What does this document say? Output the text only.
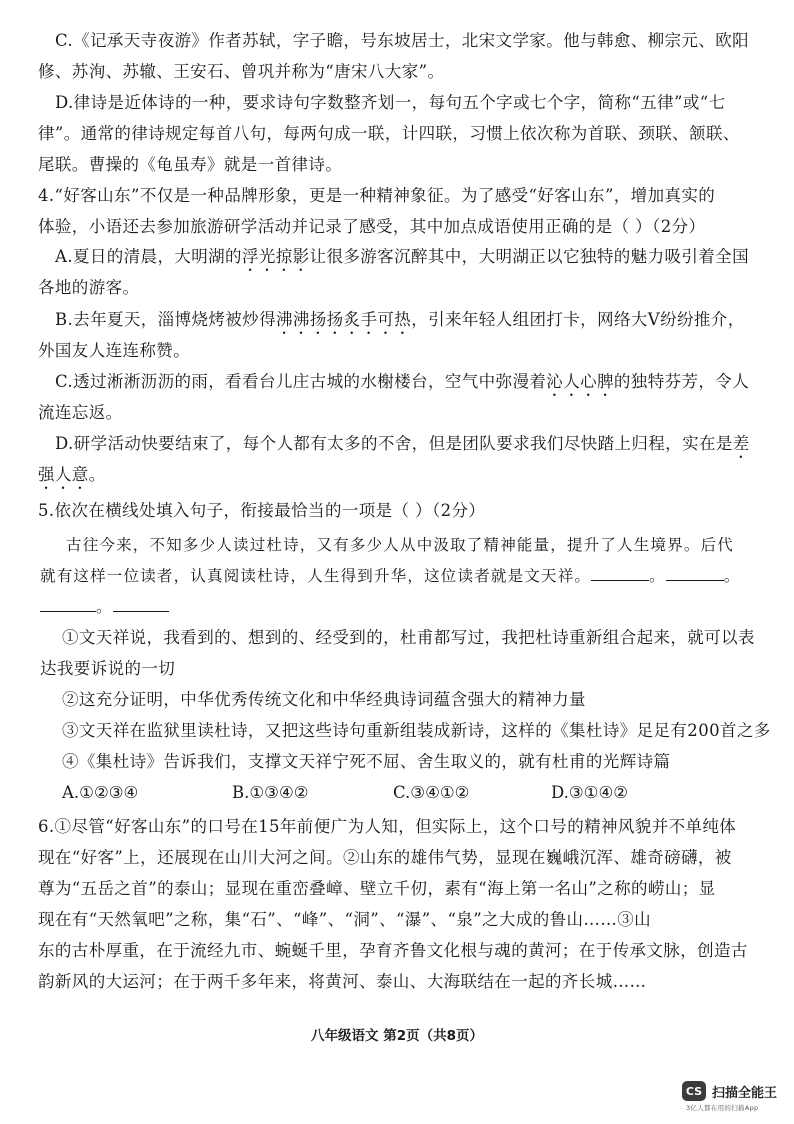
C.《记承天寺夜游》作者苏轼，字子瞻，号东坡居士，北宋文学家。他与韩愈、柳宗元、欧阳
修、苏洵、苏辙、王安石、曾巩并称为“唐宋八大家”。
D.律诗是近体诗的一种，要求诗句字数整齐划一，每句五个字或七个字，简称“五律”或“七
律”。通常的律诗规定每首八句，每两句成一联，计四联，习惯上依次称为首联、颈联、颔联、
尾联。曹操的《龟虽寿》就是一首律诗。
4.“好客山东”不仅是一种品牌形象，更是一种精神象征。为了感受“好客山东”，增加真实的
体验，小语还去参加旅游研学活动并记录了感受，其中加点成语使用正确的是（ ）（2分）
A.夏日的清晨，大明湖的浮光掠影让很多游客沉醉其中，大明湖正以它独特的魅力吸引着全国
各地的游客。
B.去年夏天，淄博烧烤被炒得沸沸扬扬炙手可热，引来年轻人组团打卡，网络大V纷纷推介，
外国友人连连称赞。
C.透过淅淅沥沥的雨，看看台儿庄古城的水榭楼台，空气中弥漫着沁人心脾的独特芬芳，令人
流连忘返。
D.研学活动快要结束了，每个人都有太多的不舍，但是团队要求我们尽快踏上归程，实在是差
强人意。
5.依次在横线处填入句子，衔接最恰当的一项是（ ）（2分）
古往今来，不知多少人读过杜诗，又有多少人从中汲取了精神能量，提升了人生境界。后代
就有这样一位读者，认真阅读杜诗，人生得到升华，这位读者就是文天祥。	。	。
。
①文天祥说，我看到的、想到的、经受到的，杜甫都写过，我把杜诗重新组合起来，就可以表
达我要诉说的一切
②这充分证明，中华优秀传统文化和中华经典诗词蕴含强大的精神力量
③文天祥在监狱里读杜诗，又把这些诗句重新组装成新诗，这样的《集杜诗》足足有200首之多
④《集杜诗》告诉我们，支撑文天祥宁死不屈、舍生取义的，就有杜甫的光辉诗篇
A.①②③④	B.①③④②	C.③④①②	D.③①④②
6.①尽管“好客山东”的口号在15年前便广为人知，但实际上，这个口号的精神风貌并不单纯体
现在“好客”上，还展现在山川大河之间。②山东的雄伟气势，显现在巍峨沉浑、雄奇磅礴，被
尊为“五岳之首”的泰山；显现在重峦叠嶂、壁立千仞，素有“海上第一名山”之称的崂山；显
现在有“天然氧吧”之称，集“石”、“峰”、“洞”、“瀑”、“泉”之大成的鲁山……③山
东的古朴厚重，在于流经九市、蜿蜒千里，孕育齐鲁文化根与魂的黄河；在于传承文脉，创造古
韵新风的大运河；在于两千多年来，将黄河、泰山、大海联结在一起的齐长城……
八年级语文 第2页（共8页）
CS 扫描全能王
3亿人都在用的扫描App
